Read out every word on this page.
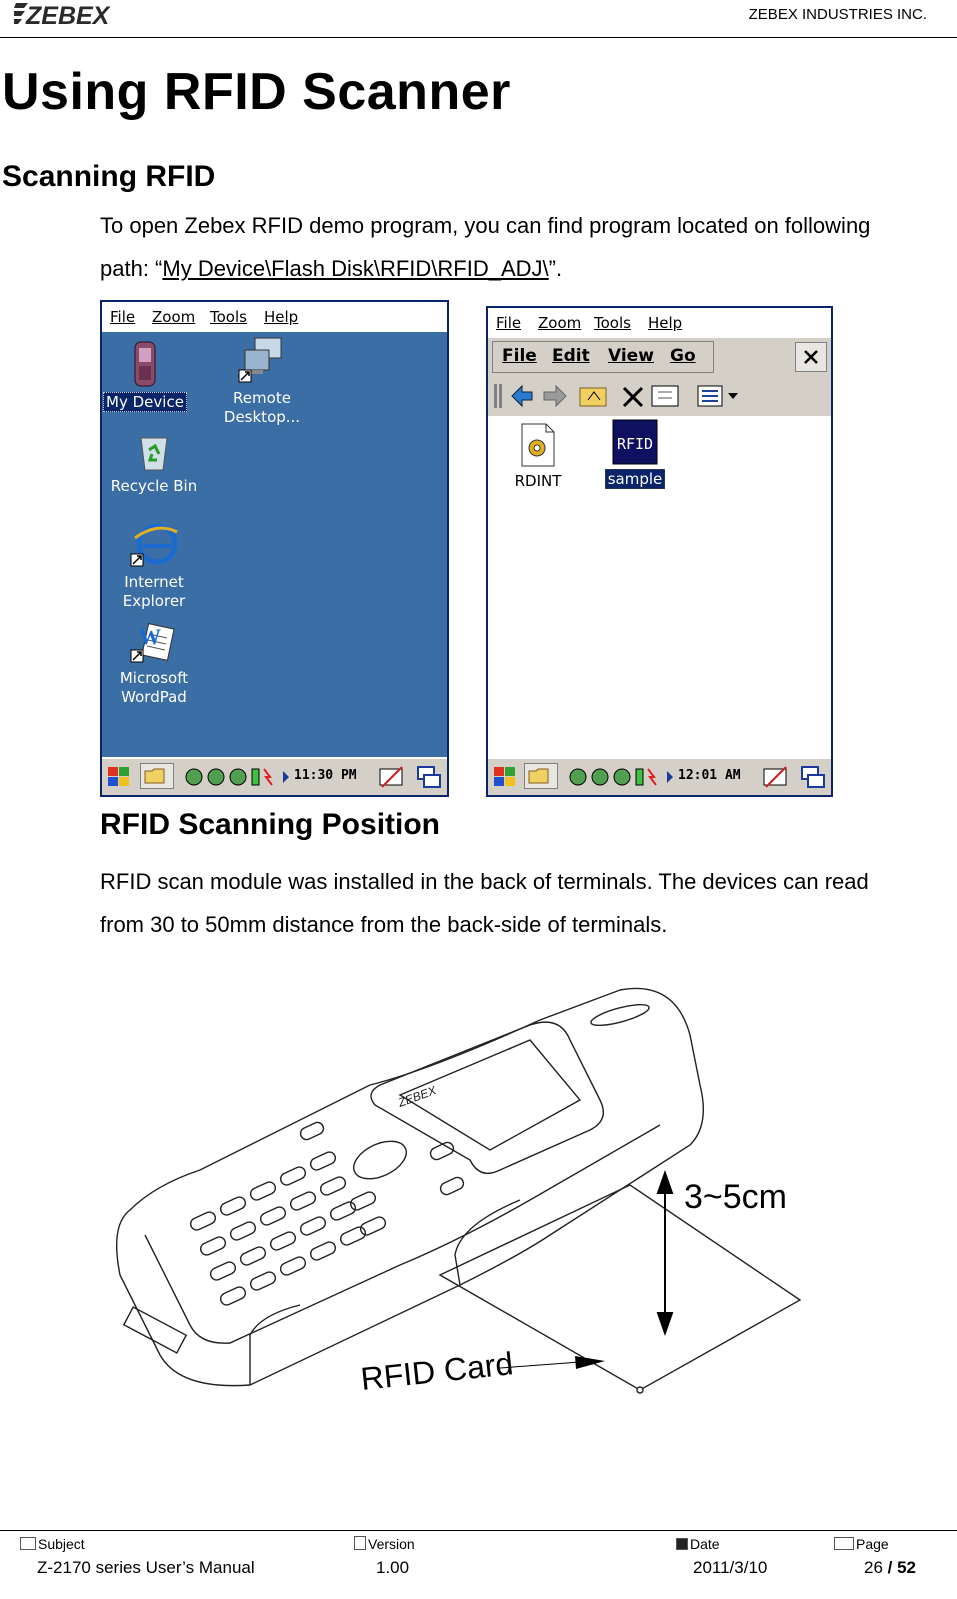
ZEBEX	ZEBEX INDUSTRIES INC.
Using RFID Scanner
Scanning RFID
To open Zebex RFID demo program, you can find program located on following path: “My Device\Flash Disk\RFID\RFID_ADJ\”.
File Zoom Tools Help

My Device	Remote Desktop...

Recycle Bin

Internet Explorer
W

Microsoft WordPad
11:30 PM
File Zoom Tools Help
File Edit View Go

RDINT
RFID

sample
12:01 AM
RFID Scanning Position
RFID scan module was installed in the back of terminals. The devices can read from 30 to 50mm distance from the back-side of terminals.
ZEBEX
3~5cm
RFID Card
Subject	Version	Date	Page
Z-2170 series User’s Manual	1.00	2011/3/10	26 / 52
